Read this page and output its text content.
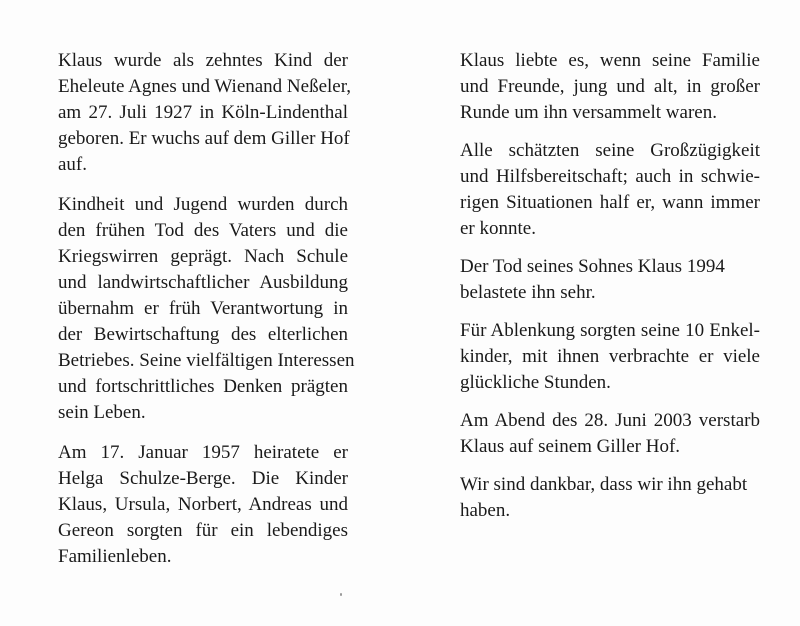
Klaus wurde als zehntes Kind der
Eheleute Agnes und Wienand Neßeler,
am 27. Juli 1927 in Köln-Lindenthal
geboren. Er wuchs auf dem Giller Hof
auf.

Kindheit und Jugend wurden durch
den frühen Tod des Vaters und die
Kriegswirren geprägt. Nach Schule
und landwirtschaftlicher Ausbildung
übernahm er früh Verantwortung in
der Bewirtschaftung des elterlichen
Betriebes. Seine vielfältigen Interessen
und fortschrittliches Denken prägten
sein Leben.

Am 17. Januar 1957 heiratete er
Helga Schulze-Berge. Die Kinder
Klaus, Ursula, Norbert, Andreas und
Gereon sorgten für ein lebendiges
Familienleben.

Klaus liebte es, wenn seine Familie
und Freunde, jung und alt, in großer
Runde um ihn versammelt waren.

Alle schätzten seine Großzügigkeit
und Hilfsbereitschaft; auch in schwie-
rigen Situationen half er, wann immer
er konnte.

Der Tod seines Sohnes Klaus 1994
belastete ihn sehr.

Für Ablenkung sorgten seine 10 Enkel-
kinder, mit ihnen verbrachte er viele
glückliche Stunden.

Am Abend des 28. Juni 2003 verstarb
Klaus auf seinem Giller Hof.

Wir sind dankbar, dass wir ihn gehabt
haben.
